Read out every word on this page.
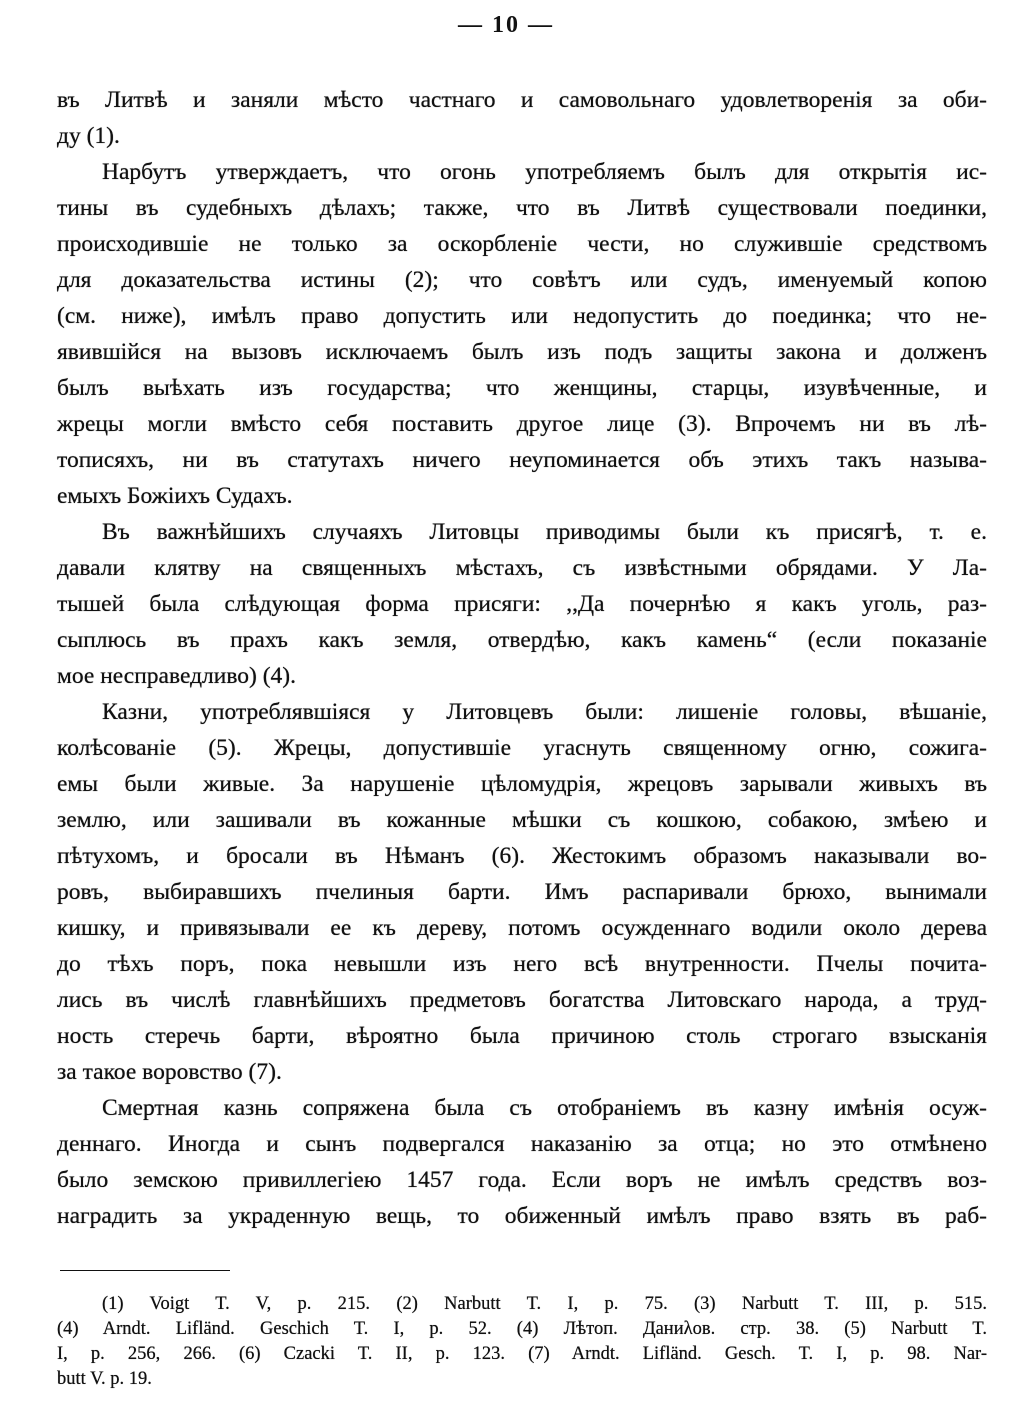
— 10 —
въ Литвѣ и заняли мѣсто частнаго и самовольнаго удовлетворенія за оби-
ду (1).
Нарбутъ утверждаетъ, что огонь употребляемъ былъ для открытія ис-
тины въ судебныхъ дѣлахъ; также, что въ Литвѣ существовали поединки,
происходившіе не только за оскорбленіе чести, но служившіе средствомъ
для доказательства истины (2); что совѣтъ или судъ, именуемый копою
(см. ниже), имѣлъ право допустить или недопустить до поединка; что не-
явившійся на вызовъ исключаемъ былъ изъ подъ защиты закона и долженъ
былъ выѣхать изъ государства; что женщины, старцы, изувѣченные, и
жрецы могли вмѣсто себя поставить другое лице (3). Впрочемъ ни въ лѣ-
тописяхъ, ни въ статутахъ ничего неупоминается объ этихъ такъ называ-
емыхъ Божіихъ Судахъ.
Въ важнѣйшихъ случаяхъ Литовцы приводимы были къ присягѣ, т. е.
давали клятву на священныхъ мѣстахъ, съ извѣстными обрядами. У Ла-
тышей была слѣдующая форма присяги: ,,Да почернѣю я какъ уголь, раз-
сыплюсь въ прахъ какъ земля, отвердѣю, какъ камень“ (если показаніе
мое несправедливо) (4).
Казни, употреблявшіяся у Литовцевъ были: лишеніе головы, вѣшаніе,
колѣсованіе (5). Жрецы, допустившіе угаснуть священному огню, сожига-
емы были живые. За нарушеніе цѣломудрія, жрецовъ зарывали живыхъ въ
землю, или зашивали въ кожанные мѣшки съ кошкою, собакою, змѣею и
пѣтухомъ, и бросали въ Нѣманъ (6). Жестокимъ образомъ наказывали во-
ровъ, выбиравшихъ пчелиныя барти. Имъ распаривали брюхо, вынимали
кишку, и привязывали ее къ дереву, потомъ осужденнаго водили около дерева
до тѣхъ поръ, пока невышли изъ него всѣ внутренности. Пчелы почита-
лись въ числѣ главнѣйшихъ предметовъ богатства Литовскаго народа, а труд-
ность стеречь барти, вѣроятно была причиною столь строгаго взысканія
за такое воровство (7).
Смертная казнь сопряжена была съ отобраніемъ въ казну имѣнія осуж-
деннаго. Иногда и сынъ подвергался наказанію за отца; но это отмѣнено
было земскою привиллегіею 1457 года. Если воръ не имѣлъ средствъ воз-
наградить за украденную вещь, то обиженный имѣлъ право взять въ раб-
(1) Voigt T. V, p. 215. (2) Narbutt T. I, p. 75. (3) Narbutt T. III, p. 515.
(4) Arndt. Lifländ. Geschich T. I, p. 52. (4) Лѣтоп. Даниλов. стр. 38. (5) Narbutt T.
I, p. 256, 266. (6) Czacki T. II, p. 123. (7) Arndt. Lifländ. Gesch. T. I, p. 98. Nar-
butt V. p. 19.
